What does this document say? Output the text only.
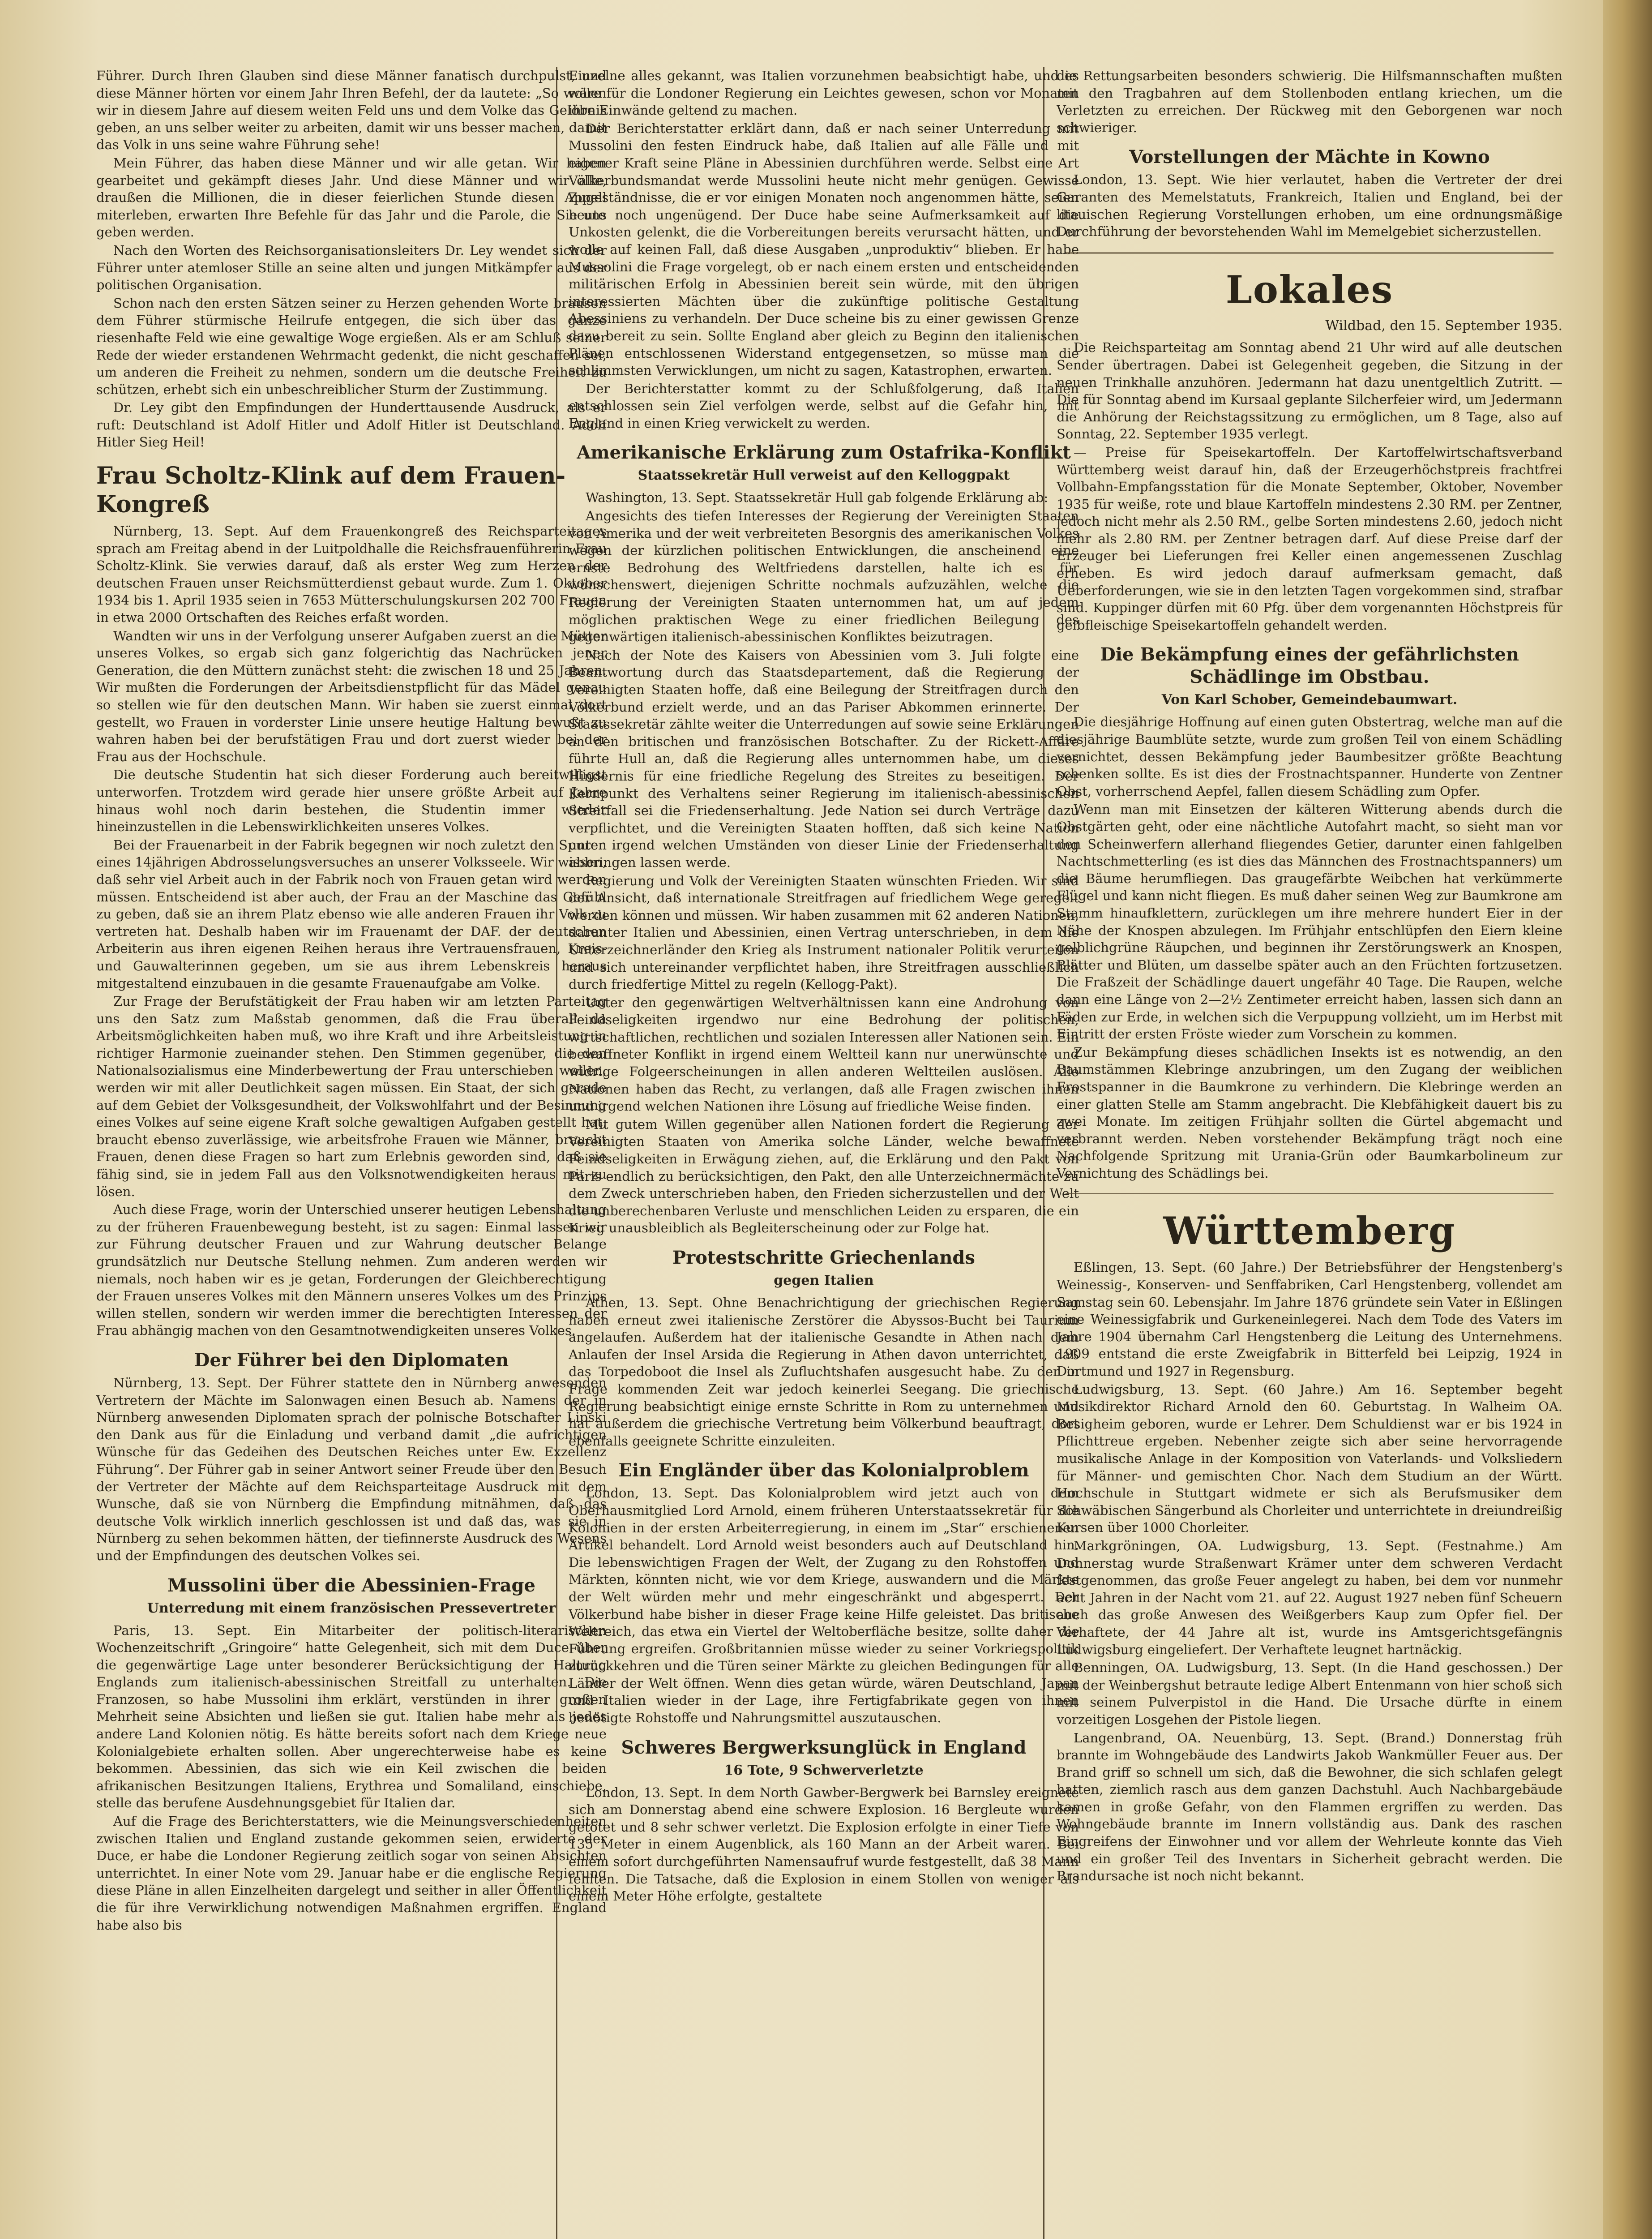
Führer. Durch Ihren Glauben sind diese Männer fanatisch durchpulst, und diese Männer hörten vor einem Jahr Ihren Befehl, der da lautete: „So wollen wir in diesem Jahre auf diesem weiten Feld uns und dem Volke das Gelöbnis geben, an uns selber weiter zu arbeiten, damit wir uns besser machen, damit das Volk in uns seine wahre Führung sehe!

Mein Führer, das haben diese Männer und wir alle getan. Wir haben gearbeitet und gekämpft dieses Jahr. Und diese Männer und wir alle, draußen die Millionen, die in dieser feierlichen Stunde diesen Appell miterleben, erwarten Ihre Befehle für das Jahr und die Parole, die Sie uns geben werden.

Nach den Worten des Reichsorganisationsleiters Dr. Ley wendet sich der Führer unter atemloser Stille an seine alten und jungen Mitkämpfer aus der politischen Organisation.

Schon nach den ersten Sätzen seiner zu Herzen gehenden Worte brausen dem Führer stürmische Heilrufe entgegen, die sich über das ganze riesenhafte Feld wie eine gewaltige Woge ergießen. Als er am Schluß seiner Rede der wieder erstandenen Wehrmacht gedenkt, die nicht geschaffen sei, um anderen die Freiheit zu nehmen, sondern um die deutsche Freiheit zu schützen, erhebt sich ein unbeschreiblicher Sturm der Zustimmung.

Dr. Ley gibt den Empfindungen der Hunderttausende Ausdruck, als er ruft: Deutschland ist Adolf Hitler und Adolf Hitler ist Deutschland. Adolf Hitler Sieg Heil!

Frau Scholtz-Klink auf dem Frauen-Kongreß

Nürnberg, 13. Sept. Auf dem Frauenkongreß des Reichsparteitages sprach am Freitag abend in der Luitpoldhalle die Reichsfrauenführerin Frau Scholtz-Klink. Sie verwies darauf, daß als erster Weg zum Herzen der deutschen Frauen unser Reichsmütterdienst gebaut wurde. Zum 1. Oktober 1934 bis 1. April 1935 seien in 7653 Mütterschulungskursen 202 700 Frauen in etwa 2000 Ortschaften des Reiches erfaßt worden.

Wandten wir uns in der Verfolgung unserer Aufgaben zuerst an die Mütter unseres Volkes, so ergab sich ganz folgerichtig das Nachrücken jener Generation, die den Müttern zunächst steht: die zwischen 18 und 25 Jahren. Wir mußten die Forderungen der Arbeitsdienstpflicht für das Mädel genau so stellen wie für den deutschen Mann. Wir haben sie zuerst einmal dort gestellt, wo Frauen in vorderster Linie unsere heutige Haltung bewußt zu wahren haben bei der berufstätigen Frau und dort zuerst wieder bei der Frau aus der Hochschule.

Die deutsche Studentin hat sich dieser Forderung auch bereitwilligst unterworfen. Trotzdem wird gerade hier unsere größte Arbeit auf Jahre hinaus wohl noch darin bestehen, die Studentin immer wieder hineinzustellen in die Lebenswirklichkeiten unseres Volkes.

Bei der Frauenarbeit in der Fabrik begegnen wir noch zuletzt den Spuren eines 14jährigen Abdrosselungsversuches an unserer Volksseele. Wir wissen, daß sehr viel Arbeit auch in der Fabrik noch von Frauen getan wird werden müssen. Entscheidend ist aber auch, der Frau an der Maschine das Gefühl zu geben, daß sie an ihrem Platz ebenso wie alle anderen Frauen ihr Volk zu vertreten hat. Deshalb haben wir im Frauenamt der DAF. der deutschen Arbeiterin aus ihren eigenen Reihen heraus ihre Vertrauensfrauen, Kreis- und Gauwalterinnen gegeben, um sie aus ihrem Lebenskreis heraus mitgestaltend einzubauen in die gesamte Frauenaufgabe am Volke.

Zur Frage der Berufstätigkeit der Frau haben wir am letzten Parteitag uns den Satz zum Maßstab genommen, daß die Frau überall da Arbeitsmöglichkeiten haben muß, wo ihre Kraft und ihre Arbeitsleistung in richtiger Harmonie zueinander stehen. Den Stimmen gegenüber, die den Nationalsozialismus eine Minderbewertung der Frau unterschieben wollen, werden wir mit aller Deutlichkeit sagen müssen. Ein Staat, der sich gerade auf dem Gebiet der Volksgesundheit, der Volkswohlfahrt und der Besinnung eines Volkes auf seine eigene Kraft solche gewaltigen Aufgaben gestellt hat, braucht ebenso zuverlässige, wie arbeitsfrohe Frauen wie Männer, braucht Frauen, denen diese Fragen so hart zum Erlebnis geworden sind, daß sie fähig sind, sie in jedem Fall aus den Volksnotwendigkeiten heraus mit zu lösen.

Auch diese Frage, worin der Unterschied unserer heutigen Lebenshaltung zu der früheren Frauenbewegung besteht, ist zu sagen: Einmal lassen wir zur Führung deutscher Frauen und zur Wahrung deutscher Belange grundsätzlich nur Deutsche Stellung nehmen. Zum anderen werden wir niemals, noch haben wir es je getan, Forderungen der Gleichberechtigung der Frauen unseres Volkes mit den Männern unseres Volkes um des Prinzips willen stellen, sondern wir werden immer die berechtigten Interessen der Frau abhängig machen von den Gesamtnotwendigkeiten unseres Volkes.

Der Führer bei den Diplomaten

Nürnberg, 13. Sept. Der Führer stattete den in Nürnberg anwesenden Vertretern der Mächte im Salonwagen einen Besuch ab. Namens der in Nürnberg anwesenden Diplomaten sprach der polnische Botschafter Lipski den Dank aus für die Einladung und verband damit „die aufrichtigen Wünsche für das Gedeihen des Deutschen Reiches unter Ew. Exzellenz Führung“. Der Führer gab in seiner Antwort seiner Freude über den Besuch der Vertreter der Mächte auf dem Reichsparteitage Ausdruck mit dem Wunsche, daß sie von Nürnberg die Empfindung mitnähmen, daß das deutsche Volk wirklich innerlich geschlossen ist und daß das, was sie in Nürnberg zu sehen bekommen hätten, der tiefinnerste Ausdruck des Wesens und der Empfindungen des deutschen Volkes sei.

Mussolini über die Abessinien-Frage
Unterredung mit einem französischen Pressevertreter

Paris, 13. Sept. Ein Mitarbeiter der politisch-literarischen Wochenzeitschrift „Gringoire“ hatte Gelegenheit, sich mit dem Duce über die gegenwärtige Lage unter besonderer Berücksichtigung der Haltung Englands zum italienisch-abessinischen Streitfall zu unterhalten. Die Franzosen, so habe Mussolini ihm erklärt, verstünden in ihrer großen Mehrheit seine Absichten und ließen sie gut. Italien habe mehr als jedes andere Land Kolonien nötig. Es hätte bereits sofort nach dem Kriege neue Kolonialgebiete erhalten sollen. Aber ungerechterweise habe es keine bekommen. Abessinien, das sich wie ein Keil zwischen die beiden afrikanischen Besitzungen Italiens, Erythrea und Somaliland, einschiebe, stelle das berufene Ausdehnungsgebiet für Italien dar.

Auf die Frage des Berichterstatters, wie die Meinungsverschiedenheiten zwischen Italien und England zustande gekommen seien, erwiderte der Duce, er habe die Londoner Regierung zeitlich sogar von seinen Absichten unterrichtet. In einer Note vom 29. Januar habe er die englische Regierung diese Pläne in allen Einzelheiten dargelegt und seither in aller Öffentlichkeit die für ihre Verwirklichung notwendigen Maßnahmen ergriffen. England habe also bis

Einzelne alles gekannt, was Italien vorzunehmen beabsichtigt habe, und es wäre für die Londoner Regierung ein Leichtes gewesen, schon vor Monaten ihre Einwände geltend zu machen.

Der Berichterstatter erklärt dann, daß er nach seiner Unterredung mit Mussolini den festen Eindruck habe, daß Italien auf alle Fälle und mit eigener Kraft seine Pläne in Abessinien durchführen werde. Selbst eine Art Völkerbundsmandat werde Mussolini heute nicht mehr genügen. Gewisse Zugeständnisse, die er vor einigen Monaten noch angenommen hätte, seien heute noch ungenügend. Der Duce habe seine Aufmerksamkeit auf die Unkosten gelenkt, die die Vorbereitungen bereits verursacht hätten, und er wolle auf keinen Fall, daß diese Ausgaben „unproduktiv“ blieben. Er habe Mussolini die Frage vorgelegt, ob er nach einem ersten und entscheidenden militärischen Erfolg in Abessinien bereit sein würde, mit den übrigen interessierten Mächten über die zukünftige politische Gestaltung Abessiniens zu verhandeln. Der Duce scheine bis zu einer gewissen Grenze dazu bereit zu sein. Sollte England aber gleich zu Beginn den italienischen Plänen entschlossenen Widerstand entgegensetzen, so müsse man die schlimmsten Verwicklungen, um nicht zu sagen, Katastrophen, erwarten.

Der Berichterstatter kommt zu der Schlußfolgerung, daß Italien entschlossen sein Ziel verfolgen werde, selbst auf die Gefahr hin, mit England in einen Krieg verwickelt zu werden.

Amerikanische Erklärung zum Ostafrika-Konflikt
Staatssekretär Hull verweist auf den Kelloggpakt

Washington, 13. Sept. Staatssekretär Hull gab folgende Erklärung ab:

Angesichts des tiefen Interesses der Regierung der Vereinigten Staaten von Amerika und der weit verbreiteten Besorgnis des amerikanischen Volkes wegen der kürzlichen politischen Entwicklungen, die anscheinend eine ernste Bedrohung des Weltfriedens darstellen, halte ich es für wünschenswert, diejenigen Schritte nochmals aufzuzählen, welche die Regierung der Vereinigten Staaten unternommen hat, um auf jedem möglichen praktischen Wege zu einer friedlichen Beilegung des gegenwärtigen italienisch-abessinischen Konfliktes beizutragen.

Nach der Note des Kaisers von Abessinien vom 3. Juli folgte eine Beantwortung durch das Staatsdepartement, daß die Regierung der Vereinigten Staaten hoffe, daß eine Beilegung der Streitfragen durch den Völkerbund erzielt werde, und an das Pariser Abkommen erinnerte. Der Staatssekretär zählte weiter die Unterredungen auf sowie seine Erklärungen an den britischen und französischen Botschafter. Zu der Rickett-Affäre führte Hull an, daß die Regierung alles unternommen habe, um dieses Hindernis für eine friedliche Regelung des Streites zu beseitigen. Der Kernpunkt des Verhaltens seiner Regierung im italienisch-abessinischen Streitfall sei die Friedenserhaltung. Jede Nation sei durch Verträge dazu verpflichtet, und die Vereinigten Staaten hofften, daß sich keine Nation unter irgend welchen Umständen von dieser Linie der Friedenserhaltung abbringen lassen werde.

Regierung und Volk der Vereinigten Staaten wünschten Frieden. Wir sind der Ansicht, daß internationale Streitfragen auf friedlichem Wege geregelt werden können und müssen. Wir haben zusammen mit 62 anderen Nationen, darunter Italien und Abessinien, einen Vertrag unterschrieben, in dem die Unterzeichnerländer den Krieg als Instrument nationaler Politik verurteilen und sich untereinander verpflichtet haben, ihre Streitfragen ausschließlich durch friedfertige Mittel zu regeln (Kellogg-Pakt).

Unter den gegenwärtigen Weltverhältnissen kann eine Androhung von Feindseligkeiten irgendwo nur eine Bedrohung der politischen, wirtschaftlichen, rechtlichen und sozialen Interessen aller Nationen sein. Ein bewaffneter Konflikt in irgend einem Weltteil kann nur unerwünschte und widrige Folgeerscheinungen in allen anderen Weltteilen auslösen. Alle Nationen haben das Recht, zu verlangen, daß alle Fragen zwischen ihnen und irgend welchen Nationen ihre Lösung auf friedliche Weise finden.

Mit gutem Willen gegenüber allen Nationen fordert die Regierung der Vereinigten Staaten von Amerika solche Länder, welche bewaffnete Feindseligkeiten in Erwägung ziehen, auf, die Erklärung und den Pakt von Paris endlich zu berücksichtigen, den Pakt, den alle Unterzeichnermächte zu dem Zweck unterschrieben haben, den Frieden sicherzustellen und der Welt die unberechenbaren Verluste und menschlichen Leiden zu ersparen, die ein Krieg unausbleiblich als Begleiterscheinung oder zur Folge hat.

Protestschritte Griechenlands
gegen Italien

Athen, 13. Sept. Ohne Benachrichtigung der griechischen Regierung haben erneut zwei italienische Zerstörer die Abyssos-Bucht bei Taurium angelaufen. Außerdem hat der italienische Gesandte in Athen nach dem Anlaufen der Insel Arsida die Regierung in Athen davon unterrichtet, daß das Torpedoboot die Insel als Zufluchtshafen ausgesucht habe. Zu der in Frage kommenden Zeit war jedoch keinerlei Seegang. Die griechische Regierung beabsichtigt einige ernste Schritte in Rom zu unternehmen und hat außerdem die griechische Vertretung beim Völkerbund beauftragt, dort ebenfalls geeignete Schritte einzuleiten.

Ein Engländer über das Kolonialproblem

London, 13. Sept. Das Kolonialproblem wird jetzt auch von dem Oberhausmitglied Lord Arnold, einem früheren Unterstaatssekretär für die Kolonien in der ersten Arbeiterregierung, in einem im „Star“ erschienenen Artikel behandelt. Lord Arnold weist besonders auch auf Deutschland hin. Die lebenswichtigen Fragen der Welt, der Zugang zu den Rohstoffen und Märkten, könnten nicht, wie vor dem Kriege, auswandern und die Märkte der Welt würden mehr und mehr eingeschränkt und abgesperrt. Der Völkerbund habe bisher in dieser Frage keine Hilfe geleistet. Das britische Weltreich, das etwa ein Viertel der Weltoberfläche besitze, sollte daher die Führung ergreifen. Großbritannien müsse wieder zu seiner Vorkriegspolitik zurückkehren und die Türen seiner Märkte zu gleichen Bedingungen für alle Länder der Welt öffnen. Wenn dies getan würde, wären Deutschland, Japan und Italien wieder in der Lage, ihre Fertigfabrikate gegen von ihnen benötigte Rohstoffe und Nahrungsmittel auszutauschen.

Schweres Bergwerksunglück in England
16 Tote, 9 Schwerverletzte

London, 13. Sept. In dem North Gawber-Bergwerk bei Barnsley ereignete sich am Donnerstag abend eine schwere Explosion. 16 Bergleute wurden getötet und 8 sehr schwer verletzt. Die Explosion erfolgte in einer Tiefe von 135 Meter in einem Augenblick, als 160 Mann an der Arbeit waren. Bei einem sofort durchgeführten Namensaufruf wurde festgestellt, daß 38 Mann fehlten. Die Tatsache, daß die Explosion in einem Stollen von weniger als einem Meter Höhe erfolgte, gestaltete

die Rettungsarbeiten besonders schwierig. Die Hilfsmannschaften mußten mit den Tragbahren auf dem Stollenboden entlang kriechen, um die Verletzten zu erreichen. Der Rückweg mit den Geborgenen war noch schwieriger.

Vorstellungen der Mächte in Kowno

London, 13. Sept. Wie hier verlautet, haben die Vertreter der drei Garanten des Memelstatuts, Frankreich, Italien und England, bei der litauischen Regierung Vorstellungen erhoben, um eine ordnungsmäßige Durchführung der bevorstehenden Wahl im Memelgebiet sicherzustellen.

Lokales
Wildbad, den 15. September 1935.

Die Reichsparteitag am Sonntag abend 21 Uhr wird auf alle deutschen Sender übertragen. Dabei ist Gelegenheit gegeben, die Sitzung in der neuen Trinkhalle anzuhören. Jedermann hat dazu unentgeltlich Zutritt. — Die für Sonntag abend im Kursaal geplante Silcherfeier wird, um Jedermann die Anhörung der Reichstagssitzung zu ermöglichen, um 8 Tage, also auf Sonntag, 22. September 1935 verlegt.

— Preise für Speisekartoffeln. Der Kartoffelwirtschaftsverband Württemberg weist darauf hin, daß der Erzeugerhöchstpreis frachtfrei Vollbahn-Empfangsstation für die Monate September, Oktober, November 1935 für weiße, rote und blaue Kartoffeln mindestens 2.30 RM. per Zentner, jedoch nicht mehr als 2.50 RM., gelbe Sorten mindestens 2.60, jedoch nicht mehr als 2.80 RM. per Zentner betragen darf. Auf diese Preise darf der Erzeuger bei Lieferungen frei Keller einen angemessenen Zuschlag erheben. Es wird jedoch darauf aufmerksam gemacht, daß Ueberforderungen, wie sie in den letzten Tagen vorgekommen sind, strafbar sind. Kuppinger dürfen mit 60 Pfg. über dem vorgenannten Höchstpreis für gelbfleischige Speisekartoffeln gehandelt werden.

Die Bekämpfung eines der gefährlichsten Schädlinge im Obstbau.
Von Karl Schober, Gemeindebaumwart.

Die diesjährige Hoffnung auf einen guten Obstertrag, welche man auf die diesjährige Baumblüte setzte, wurde zum großen Teil von einem Schädling vernichtet, dessen Bekämpfung jeder Baumbesitzer größte Beachtung schenken sollte. Es ist dies der Frostnachtspanner. Hunderte von Zentner Obst, vorherrschend Aepfel, fallen diesem Schädling zum Opfer.

Wenn man mit Einsetzen der kälteren Witterung abends durch die Obstgärten geht, oder eine nächtliche Autofahrt macht, so sieht man vor den Scheinwerfern allerhand fliegendes Getier, darunter einen fahlgelben Nachtschmetterling (es ist dies das Männchen des Frostnachtspanners) um die Bäume herumfliegen. Das graugefärbte Weibchen hat verkümmerte Flügel und kann nicht fliegen. Es muß daher seinen Weg zur Baumkrone am Stamm hinaufklettern, zurücklegen um ihre mehrere hundert Eier in der Nähe der Knospen abzulegen. Im Frühjahr entschlüpfen den Eiern kleine gelblichgrüne Räupchen, und beginnen ihr Zerstörungswerk an Knospen, Blätter und Blüten, um dasselbe später auch an den Früchten fortzusetzen. Die Fraßzeit der Schädlinge dauert ungefähr 40 Tage. Die Raupen, welche dann eine Länge von 2—2½ Zentimeter erreicht haben, lassen sich dann an Fäden zur Erde, in welchen sich die Verpuppung vollzieht, um im Herbst mit Eintritt der ersten Fröste wieder zum Vorschein zu kommen.

Zur Bekämpfung dieses schädlichen Insekts ist es notwendig, an den Baumstämmen Klebringe anzubringen, um den Zugang der weiblichen Frostspanner in die Baumkrone zu verhindern. Die Klebringe werden an einer glatten Stelle am Stamm angebracht. Die Klebfähigkeit dauert bis zu zwei Monate. Im zeitigen Frühjahr sollten die Gürtel abgemacht und verbrannt werden. Neben vorstehender Bekämpfung trägt noch eine Nachfolgende Spritzung mit Urania-Grün oder Baumkarbolineum zur Vernichtung des Schädlings bei.

Württemberg

Eßlingen, 13. Sept. (60 Jahre.) Der Betriebsführer der Hengstenberg's Weinessig-, Konserven- und Senffabriken, Carl Hengstenberg, vollendet am Samstag sein 60. Lebensjahr. Im Jahre 1876 gründete sein Vater in Eßlingen eine Weinessigfabrik und Gurkeneinlegerei. Nach dem Tode des Vaters im Jahre 1904 übernahm Carl Hengstenberg die Leitung des Unternehmens. 1909 entstand die erste Zweigfabrik in Bitterfeld bei Leipzig, 1924 in Dortmund und 1927 in Regensburg.

Ludwigsburg, 13. Sept. (60 Jahre.) Am 16. September begeht Musikdirektor Richard Arnold den 60. Geburtstag. In Walheim OA. Besigheim geboren, wurde er Lehrer. Dem Schuldienst war er bis 1924 in Pflichttreue ergeben. Nebenher zeigte sich aber seine hervorragende musikalische Anlage in der Komposition von Vaterlands- und Volksliedern für Männer- und gemischten Chor. Nach dem Studium an der Württ. Hochschule in Stuttgart widmete er sich als Berufsmusiker dem Schwäbischen Sängerbund als Chorleiter und unterrichtete in dreiundreißig Kursen über 1000 Chorleiter.

Markgröningen, OA. Ludwigsburg, 13. Sept. (Festnahme.) Am Donnerstag wurde Straßenwart Krämer unter dem schweren Verdacht festgenommen, das große Feuer angelegt zu haben, bei dem vor nunmehr acht Jahren in der Nacht vom 21. auf 22. August 1927 neben fünf Scheuern auch das große Anwesen des Weißgerbers Kaup zum Opfer fiel. Der Verhaftete, der 44 Jahre alt ist, wurde ins Amtsgerichtsgefängnis Ludwigsburg eingeliefert. Der Verhaftete leugnet hartnäckig.

Benningen, OA. Ludwigsburg, 13. Sept. (In die Hand geschossen.) Der mit der Weinbergshut betraute ledige Albert Entenmann von hier schoß sich mit seinem Pulverpistol in die Hand. Die Ursache dürfte in einem vorzeitigen Losgehen der Pistole liegen.

Langenbrand, OA. Neuenbürg, 13. Sept. (Brand.) Donnerstag früh brannte im Wohngebäude des Landwirts Jakob Wankmüller Feuer aus. Der Brand griff so schnell um sich, daß die Bewohner, die sich schlafen gelegt hatten, ziemlich rasch aus dem ganzen Dachstuhl. Auch Nachbargebäude kamen in große Gefahr, von den Flammen ergriffen zu werden. Das Wohngebäude brannte im Innern vollständig aus. Dank des raschen Eingreifens der Einwohner und vor allem der Wehrleute konnte das Vieh und ein großer Teil des Inventars in Sicherheit gebracht werden. Die Brandursache ist noch nicht bekannt.
